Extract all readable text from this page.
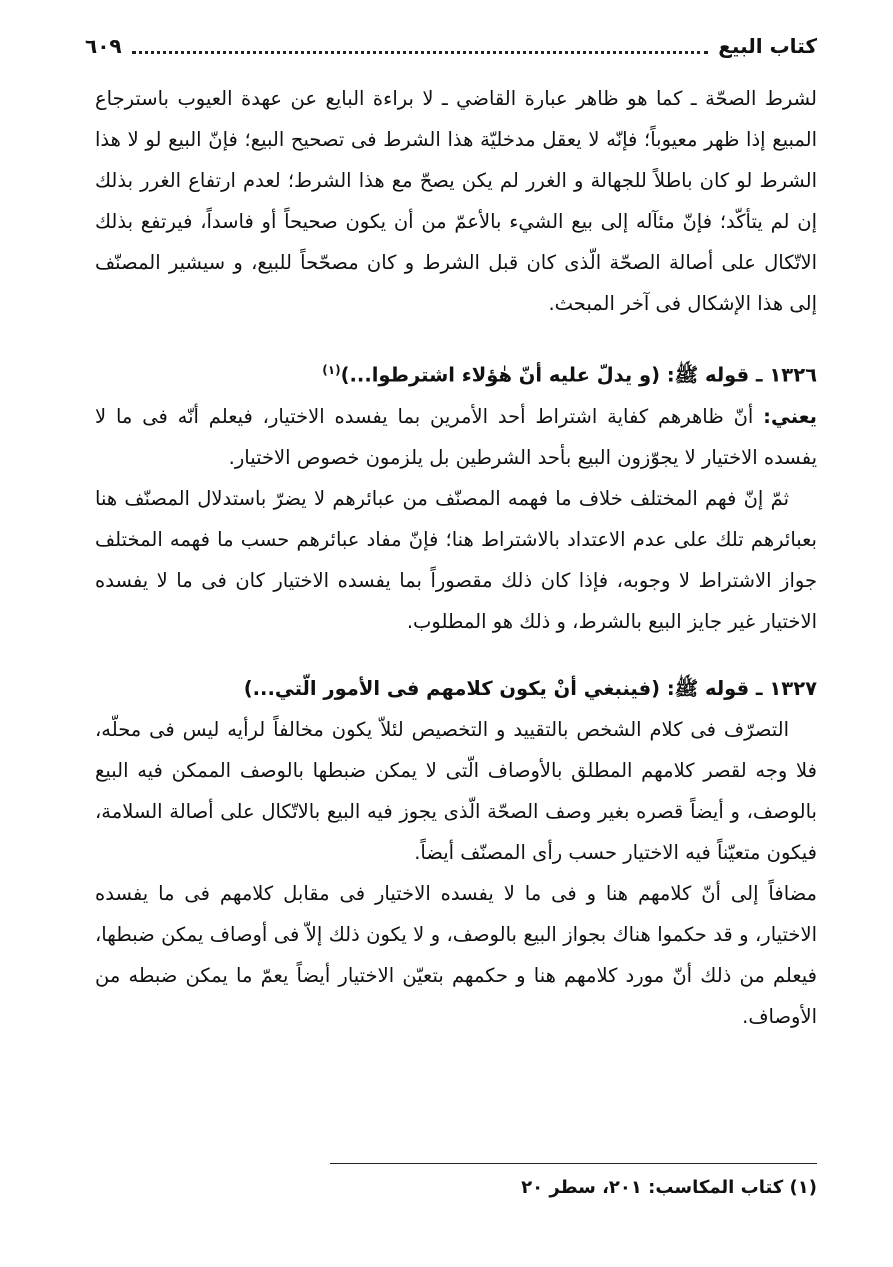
كتاب البيع
٦٠٩

لشرط الصحّة ـ كما هو ظاهر عبارة القاضي ـ لا براءة البايع عن عهدة العيوب باسترجاع المبيع إذا ظهر معيوباً؛ فإنّه لا يعقل مدخليّة هذا الشرط فى تصحيح البيع؛ فإنّ البيع لو لا هذا الشرط لو كان باطلاً للجهالة و الغرر لم يكن يصحّ مع هذا الشرط؛ لعدم ارتفاع الغرر بذلك إن لم يتأكّد؛ فإنّ مئآله إلى بيع الشيء بالأعمّ من أن يكون صحيحاً أو فاسداً، فيرتفع بذلك الاتّكال على أصالة الصحّة الّذى كان قبل الشرط و كان مصحّحاً للبيع، و سيشير المصنّف إلى هذا الإشكال فى آخر المبحث.

١٣٢٦ ـ قوله ﷺ: (و يدلّ عليه أنّ هٰؤلاء اشترطوا...)$^{(١)}$

يعني: أنّ ظاهرهم كفاية اشتراط أحد الأمرين بما يفسده الاختيار، فيعلم أنّه فى ما لا يفسده الاختيار لا يجوّزون البيع بأحد الشرطين بل يلزمون خصوص الاختيار.

ثمّ إنّ فهم المختلف خلاف ما فهمه المصنّف من عبائرهم لا يضرّ باستدلال المصنّف هنا بعبائرهم تلك على عدم الاعتداد بالاشتراط هنا؛ فإنّ مفاد عبائرهم حسب ما فهمه المختلف جواز الاشتراط لا وجوبه، فإذا كان ذلك مقصوراً بما يفسده الاختيار كان فى ما لا يفسده الاختيار غير جايز البيع بالشرط، و ذلك هو المطلوب.

١٣٢٧ ـ قوله ﷺ: (فينبغي أنْ يكون كلامهم فى الأمور الّتي...)

التصرّف فى كلام الشخص بالتقييد و التخصيص لئلاّ يكون مخالفاً لرأيه ليس فى محلّه، فلا وجه لقصر كلامهم المطلق بالأوصاف الّتى لا يمكن ضبطها بالوصف الممكن فيه البيع بالوصف، و أيضاً قصره بغير وصف الصحّة الّذى يجوز فيه البيع بالاتّكال على أصالة السلامة، فيكون متعيّناً فيه الاختيار حسب رأى المصنّف أيضاً.

مضافاً إلى أنّ كلامهم هنا و فى ما لا يفسده الاختيار فى مقابل كلامهم فى ما يفسده الاختيار، و قد حكموا هناك بجواز البيع بالوصف، و لا يكون ذلك إلاّ فى أوصاف يمكن ضبطها، فيعلم من ذلك أنّ مورد كلامهم هنا و حكمهم بتعيّن الاختيار أيضاً يعمّ ما يمكن ضبطه من الأوصاف.

(١) كتاب المكاسب: ٢٠١، سطر ٢٠
